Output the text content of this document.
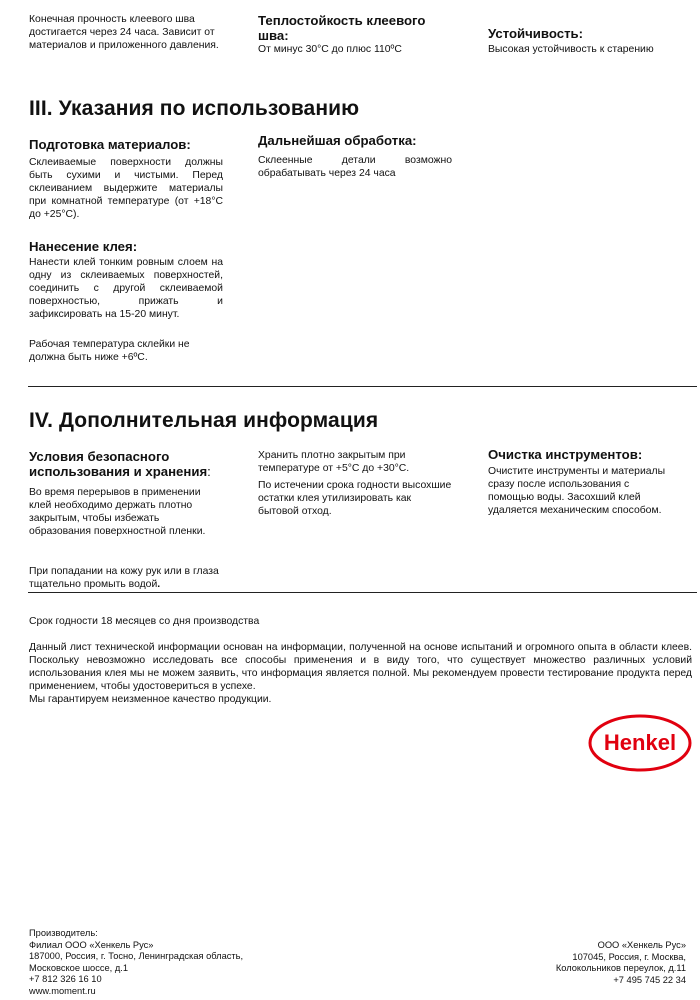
Конечная прочность клеевого шва достигается через 24 часа. Зависит от материалов и приложенного давления.

Теплостойкость клеевого шва:

От минус 30°С до плюс 110ºС

Устойчивость:

Высокая устойчивость к старению

III. Указания по использованию

Подготовка материалов:

Склеиваемые поверхности должны быть сухими и чистыми. Перед склеиванием выдержите материалы при комнатной температуре (от +18°С до +25°С).

Нанесение клея:

Нанести клей тонким ровным слоем на одну из склеиваемых поверхностей, соединить с другой склеиваемой поверхностью, прижать и зафиксировать на 15-20 минут.

Рабочая температура склейки не должна быть ниже +6ºС.

Дальнейшая обработка:

Склеенные детали возможно обрабатывать через 24 часа

IV. Дополнительная информация

Условия безопасного использования и хранения:

Во время перерывов в применении клей необходимо держать плотно закрытым, чтобы избежать образования поверхностной пленки.

При попадании на кожу рук или в глаза тщательно промыть водой.

Хранить плотно закрытым при температуре от +5°С до +30°С.

По истечении срока годности высохшие остатки клея утилизировать как бытовой отход.

Очистка инструментов:

Очистите инструменты и материалы сразу после использования с помощью воды. Засохший клей удаляется механическим способом.

Срок годности 18 месяцев со дня производства

Данный лист технической информации основан на информации, полученной на основе испытаний и огромного опыта в области клеев. Поскольку невозможно исследовать все способы применения и в виду того, что существует множество различных условий использования клея мы не можем заявить, что информация является полной. Мы рекомендуем провести тестирование продукта перед применением, чтобы удостовериться в успехе.

Мы гарантируем неизменное качество продукции.

Henkel
Производитель:
Филиал ООО «Хенкель Рус»
187000, Россия, г. Тосно, Ленинградская область,
Московское шоссе, д.1
+7 812 326 16 10
www.moment.ru
ООО «Хенкель Рус»
107045, Россия, г. Москва,
Колокольников переулок, д.11
+7 495 745 22 34
